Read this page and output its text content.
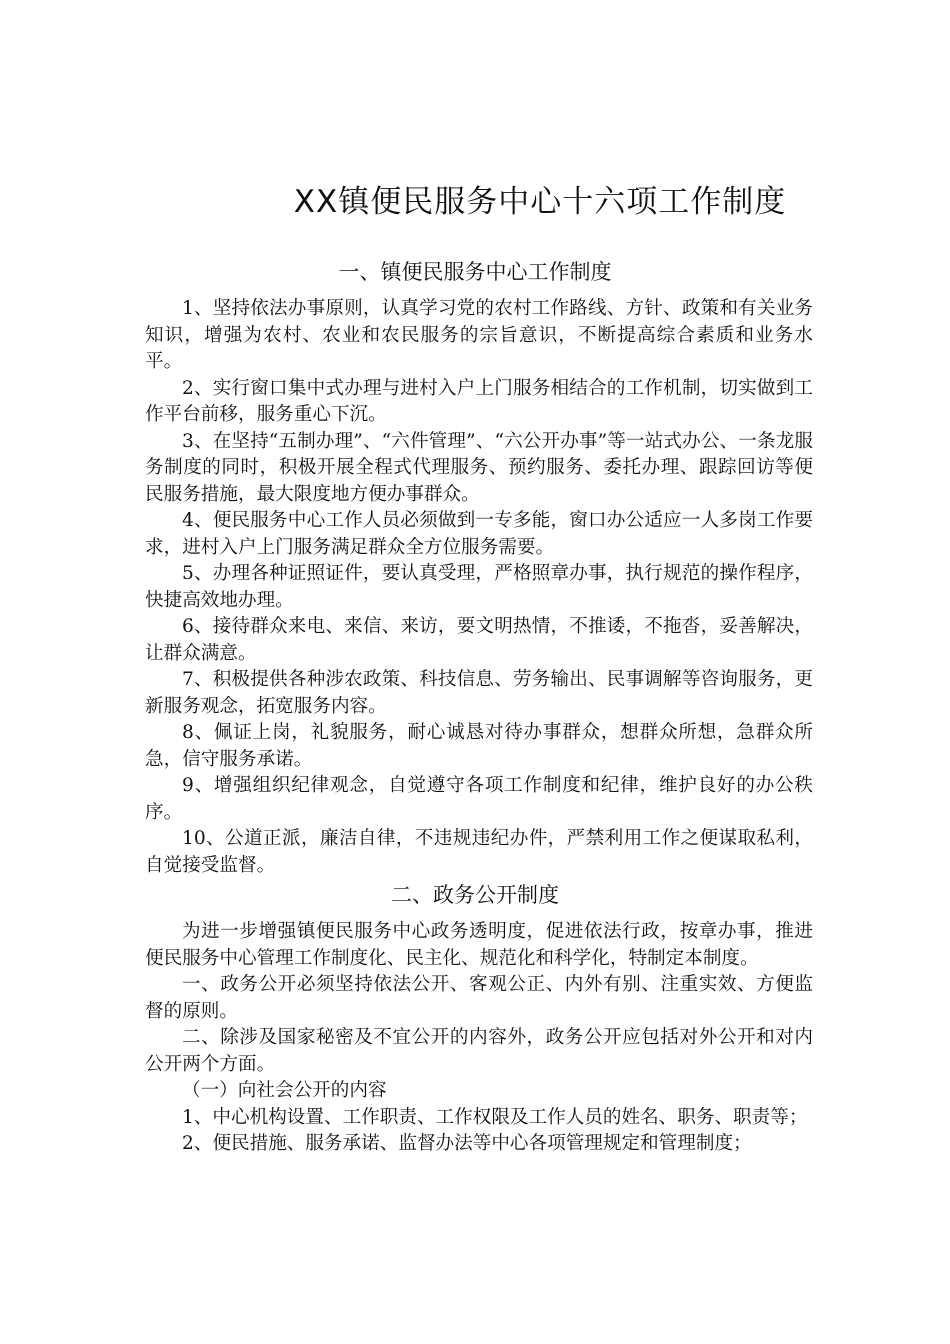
XX镇便民服务中心十六项工作制度
一、镇便民服务中心工作制度

1、坚持依法办事原则，认真学习党的农村工作路线、方针、政策和有关业务知识，增强为农村、农业和农民服务的宗旨意识，不断提高综合素质和业务水平。

2、实行窗口集中式办理与进村入户上门服务相结合的工作机制，切实做到工作平台前移，服务重心下沉。

3、在坚持“五制办理”、“六件管理”、“六公开办事”等一站式办公、一条龙服务制度的同时，积极开展全程式代理服务、预约服务、委托办理、跟踪回访等便民服务措施，最大限度地方便办事群众。

4、便民服务中心工作人员必须做到一专多能，窗口办公适应一人多岗工作要求，进村入户上门服务满足群众全方位服务需要。

5、办理各种证照证件，要认真受理，严格照章办事，执行规范的操作程序，快捷高效地办理。

6、接待群众来电、来信、来访，要文明热情，不推诿，不拖沓，妥善解决，让群众满意。

7、积极提供各种涉农政策、科技信息、劳务输出、民事调解等咨询服务，更新服务观念，拓宽服务内容。

8、佩证上岗，礼貌服务，耐心诚恳对待办事群众，想群众所想，急群众所急，信守服务承诺。

9、增强组织纪律观念，自觉遵守各项工作制度和纪律，维护良好的办公秩序。

10、公道正派，廉洁自律，不违规违纪办件，严禁利用工作之便谋取私利，自觉接受监督。

二、政务公开制度

为进一步增强镇便民服务中心政务透明度，促进依法行政，按章办事，推进便民服务中心管理工作制度化、民主化、规范化和科学化，特制定本制度。

一、政务公开必须坚持依法公开、客观公正、内外有别、注重实效、方便监督的原则。

二、除涉及国家秘密及不宜公开的内容外，政务公开应包括对外公开和对内公开两个方面。

（一）向社会公开的内容

1、中心机构设置、工作职责、工作权限及工作人员的姓名、职务、职责等；

2、便民措施、服务承诺、监督办法等中心各项管理规定和管理制度；
